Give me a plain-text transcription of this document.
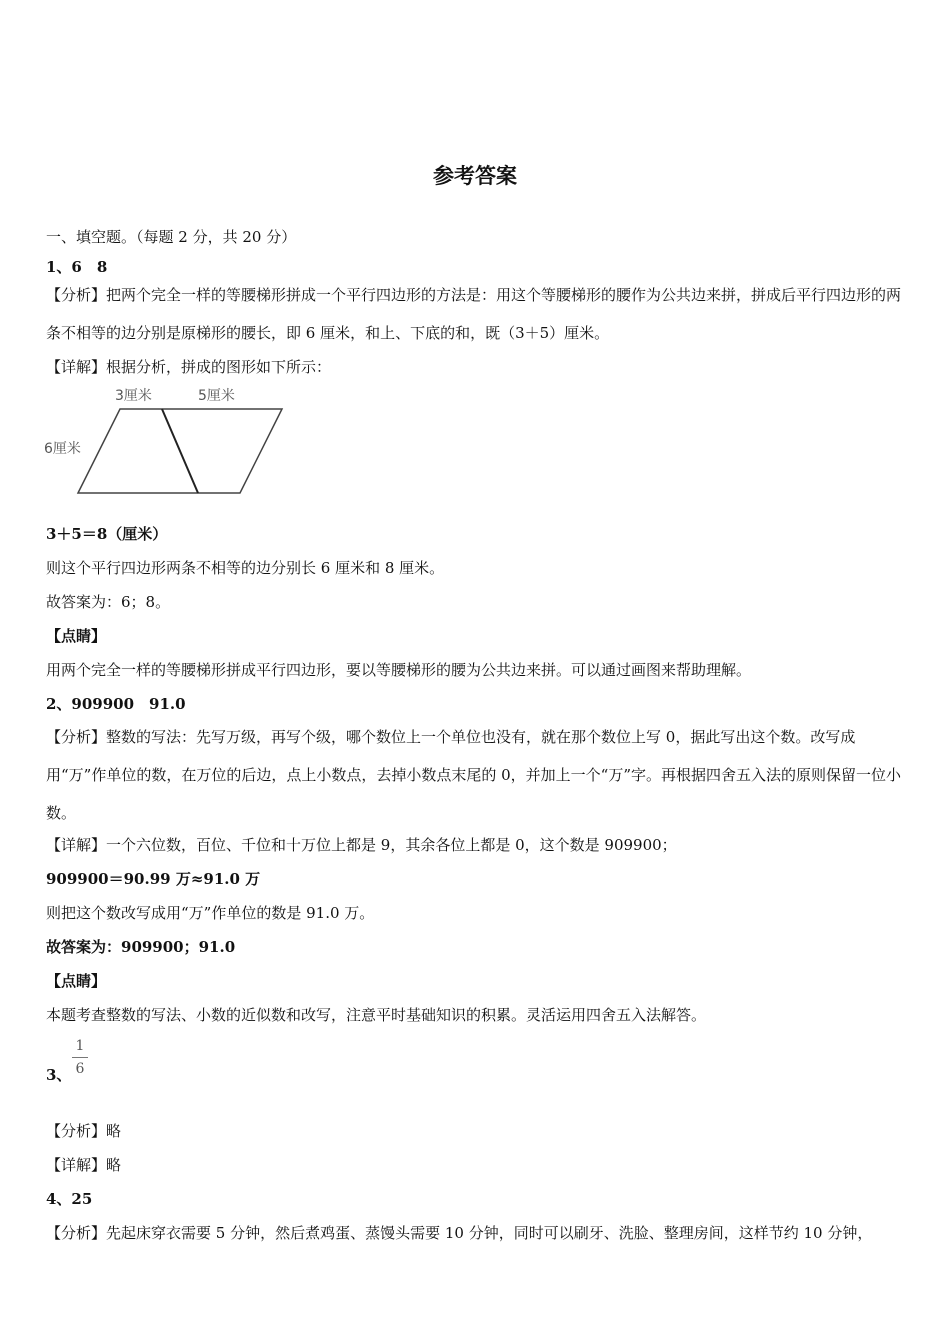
参考答案
一、填空题。（每题 2 分，共 20 分）
1、6　8
【分析】把两个完全一样的等腰梯形拼成一个平行四边形的方法是：用这个等腰梯形的腰作为公共边来拼，拼成后平行四边形的两条不相等的边分别是原梯形的腰长，即 6 厘米，和上、下底的和，既（3＋5）厘米。
【详解】根据分析，拼成的图形如下所示：
3厘米	5厘米
6厘米
3＋5＝8（厘米）
则这个平行四边形两条不相等的边分别长 6 厘米和 8 厘米。
故答案为：6；8。
【点睛】
用两个完全一样的等腰梯形拼成平行四边形，要以等腰梯形的腰为公共边来拼。可以通过画图来帮助理解。
2、909900　91.0
【分析】整数的写法：先写万级，再写个级，哪个数位上一个单位也没有，就在那个数位上写 0，据此写出这个数。改写成用“万”作单位的数，在万位的后边，点上小数点，去掉小数点末尾的 0，并加上一个“万”字。再根据四舍五入法的原则保留一位小数。
【详解】一个六位数，百位、千位和十万位上都是 9，其余各位上都是 0，这个数是 909900；
909900＝90.99 万≈91.0 万
则把这个数改写成用“万”作单位的数是 91.0 万。
故答案为：909900；91.0
【点睛】
本题考查整数的写法、小数的近似数和改写，注意平时基础知识的积累。灵活运用四舍五入法解答。
3、
1
6
【分析】略
【详解】略
4、25
【分析】先起床穿衣需要 5 分钟，然后煮鸡蛋、蒸馒头需要 10 分钟，同时可以刷牙、洗脸、整理房间，这样节约 10 分钟，
